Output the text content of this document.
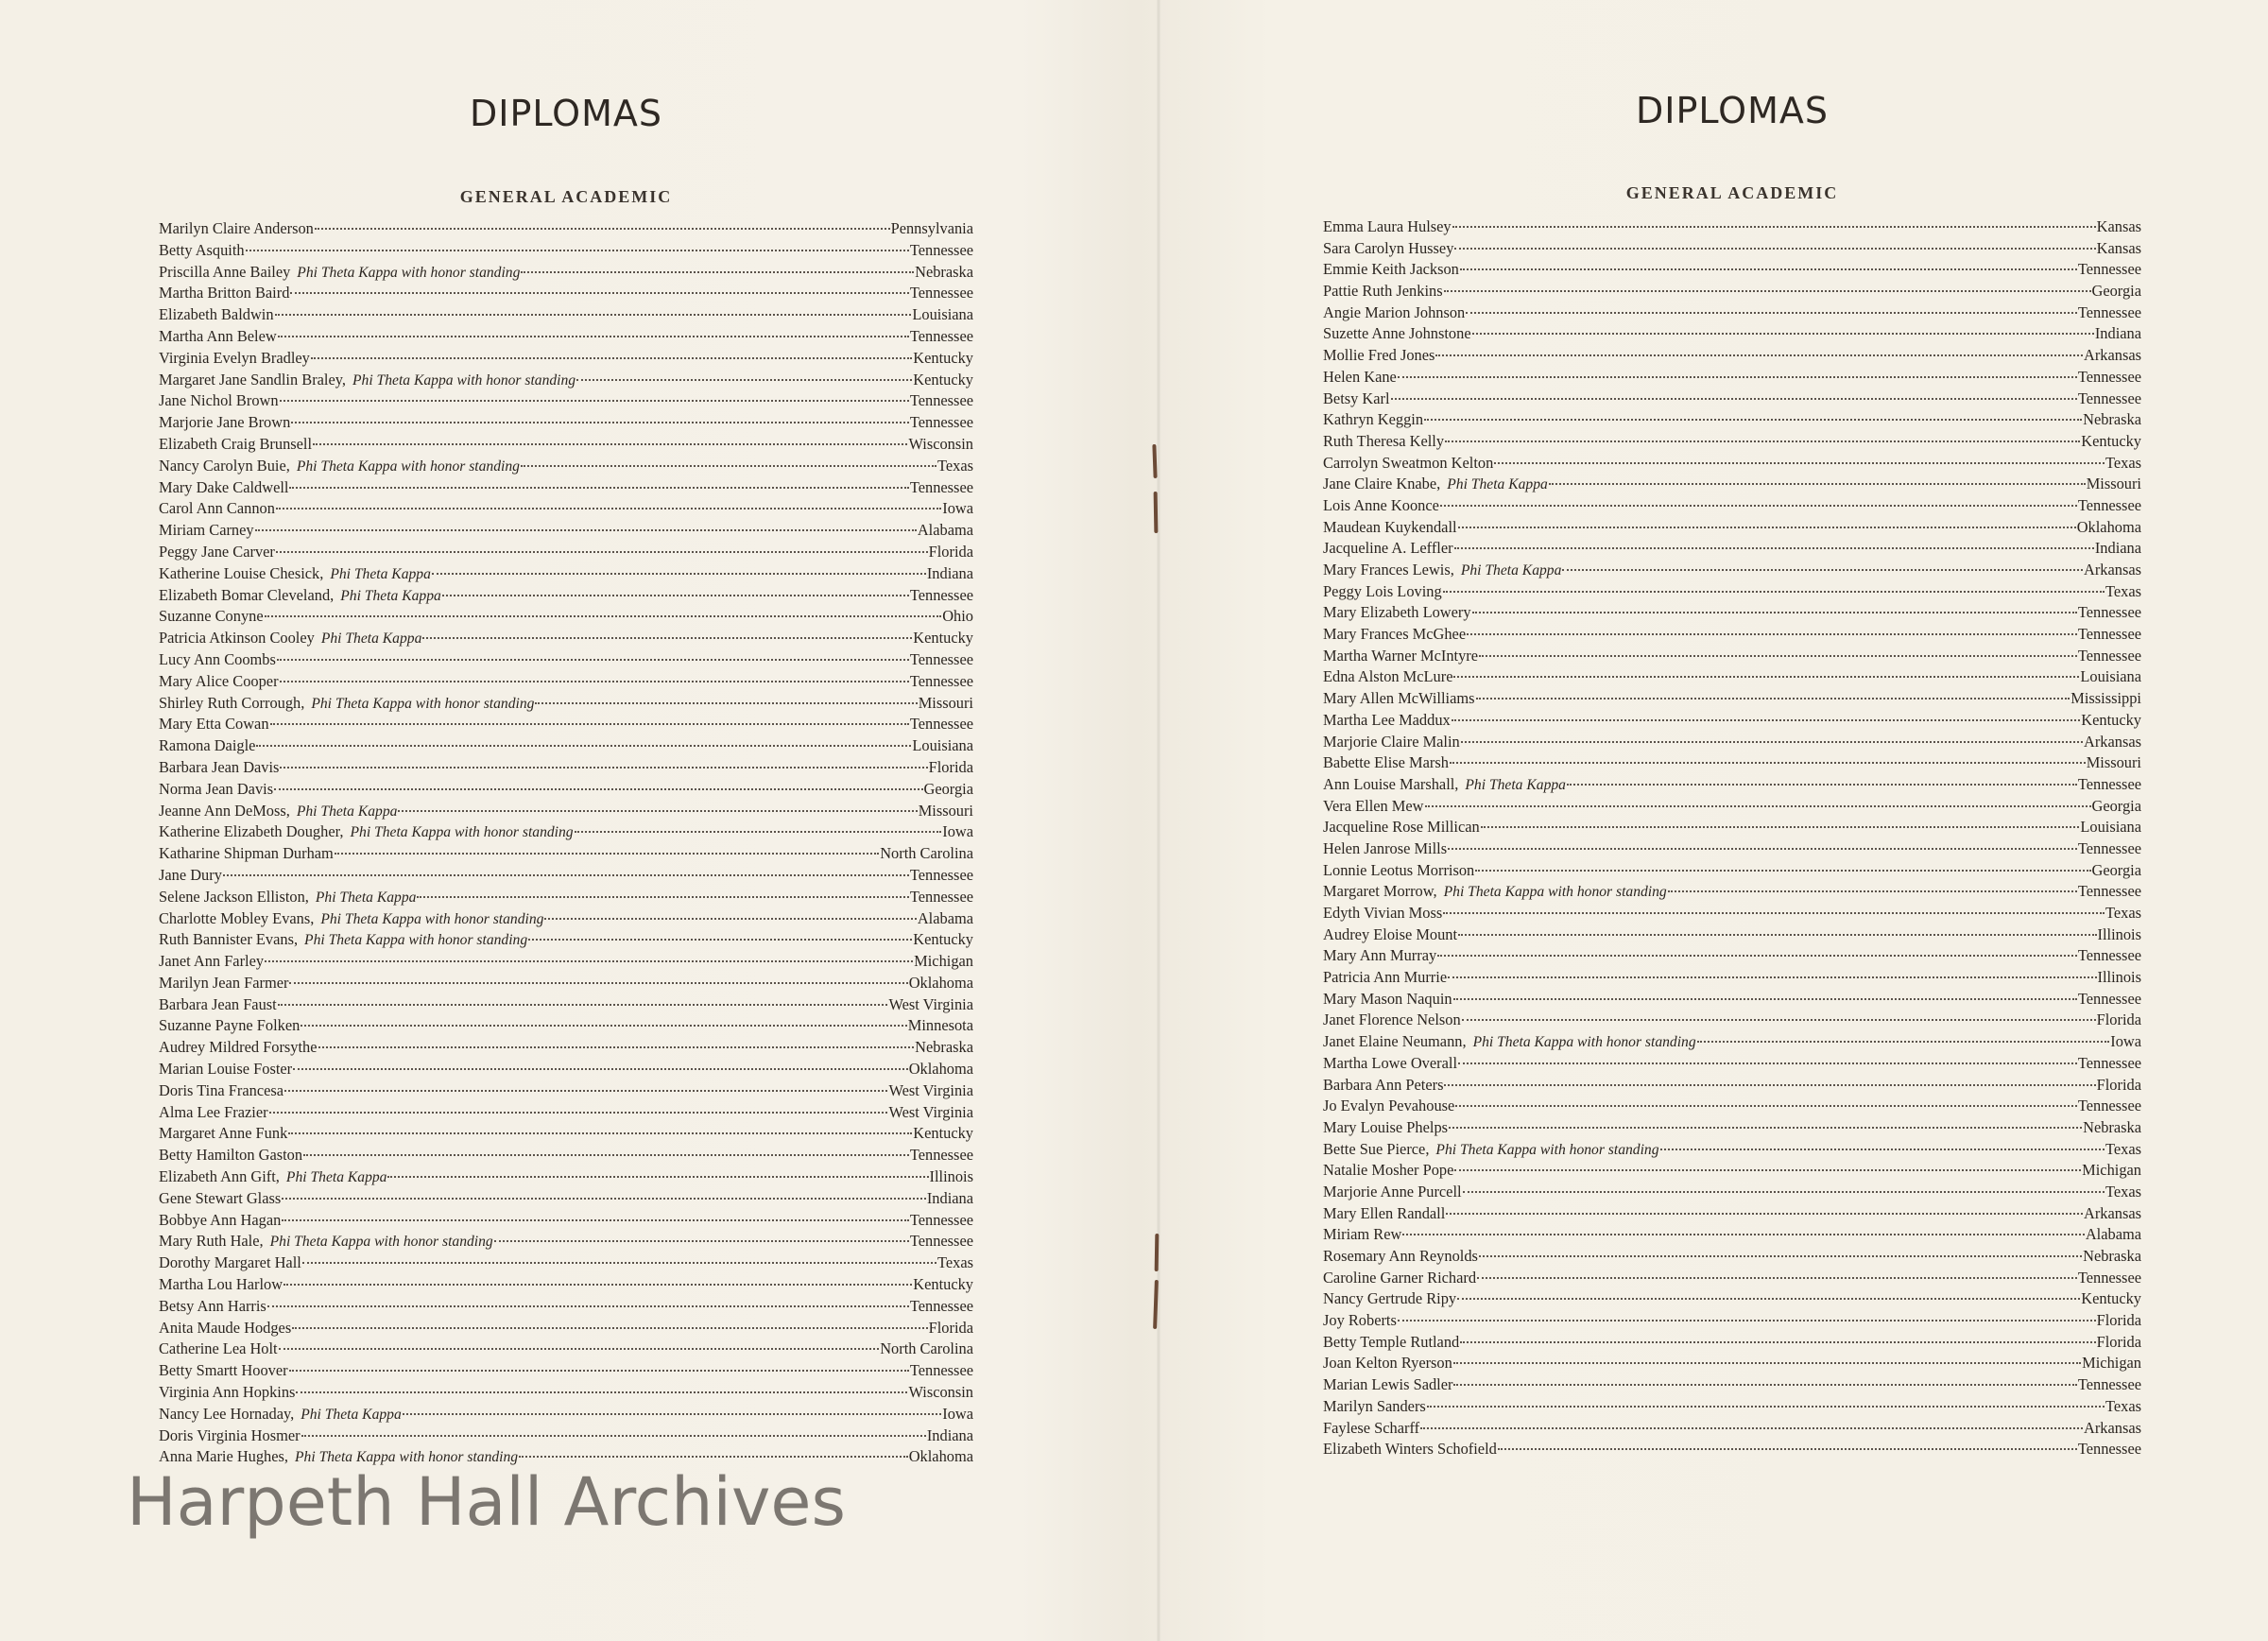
DIPLOMAS
GENERAL ACADEMIC
Marilyn Claire Anderson	Pennsylvania
Betty Asquith	Tennessee
Priscilla Anne Bailey Phi Theta Kappa with honor standing	Nebraska
Martha Britton Baird	Tennessee
Elizabeth Baldwin	Louisiana
Martha Ann Belew	Tennessee
Virginia Evelyn Bradley	Kentucky
Margaret Jane Sandlin Braley, Phi Theta Kappa with honor standing	Kentucky
Jane Nichol Brown	Tennessee
Marjorie Jane Brown	Tennessee
Elizabeth Craig Brunsell	Wisconsin
Nancy Carolyn Buie, Phi Theta Kappa with honor standing	Texas
Mary Dake Caldwell	Tennessee
Carol Ann Cannon	Iowa
Miriam Carney	Alabama
Peggy Jane Carver	Florida
Katherine Louise Chesick, Phi Theta Kappa	Indiana
Elizabeth Bomar Cleveland, Phi Theta Kappa	Tennessee
Suzanne Conyne	Ohio
Patricia Atkinson Cooley Phi Theta Kappa	Kentucky
Lucy Ann Coombs	Tennessee
Mary Alice Cooper	Tennessee
Shirley Ruth Corrough, Phi Theta Kappa with honor standing	Missouri
Mary Etta Cowan	Tennessee
Ramona Daigle	Louisiana
Barbara Jean Davis	Florida
Norma Jean Davis	Georgia
Jeanne Ann DeMoss, Phi Theta Kappa	Missouri
Katherine Elizabeth Dougher, Phi Theta Kappa with honor standing	Iowa
Katharine Shipman Durham	North Carolina
Jane Dury	Tennessee
Selene Jackson Elliston, Phi Theta Kappa	Tennessee
Charlotte Mobley Evans, Phi Theta Kappa with honor standing	Alabama
Ruth Bannister Evans, Phi Theta Kappa with honor standing	Kentucky
Janet Ann Farley	Michigan
Marilyn Jean Farmer	Oklahoma
Barbara Jean Faust	West Virginia
Suzanne Payne Folken	Minnesota
Audrey Mildred Forsythe	Nebraska
Marian Louise Foster	Oklahoma
Doris Tina Francesa	West Virginia
Alma Lee Frazier	West Virginia
Margaret Anne Funk	Kentucky
Betty Hamilton Gaston	Tennessee
Elizabeth Ann Gift, Phi Theta Kappa	Illinois
Gene Stewart Glass	Indiana
Bobbye Ann Hagan	Tennessee
Mary Ruth Hale, Phi Theta Kappa with honor standing	Tennessee
Dorothy Margaret Hall	Texas
Martha Lou Harlow	Kentucky
Betsy Ann Harris	Tennessee
Anita Maude Hodges	Florida
Catherine Lea Holt	North Carolina
Betty Smartt Hoover	Tennessee
Virginia Ann Hopkins	Wisconsin
Nancy Lee Hornaday, Phi Theta Kappa	Iowa
Doris Virginia Hosmer	Indiana
Anna Marie Hughes, Phi Theta Kappa with honor standing	Oklahoma
DIPLOMAS
GENERAL ACADEMIC
Emma Laura Hulsey	Kansas
Sara Carolyn Hussey	Kansas
Emmie Keith Jackson	Tennessee
Pattie Ruth Jenkins	Georgia
Angie Marion Johnson	Tennessee
Suzette Anne Johnstone	Indiana
Mollie Fred Jones	Arkansas
Helen Kane	Tennessee
Betsy Karl	Tennessee
Kathryn Keggin	Nebraska
Ruth Theresa Kelly	Kentucky
Carrolyn Sweatmon Kelton	Texas
Jane Claire Knabe, Phi Theta Kappa	Missouri
Lois Anne Koonce	Tennessee
Maudean Kuykendall	Oklahoma
Jacqueline A. Leffler	Indiana
Mary Frances Lewis, Phi Theta Kappa	Arkansas
Peggy Lois Loving	Texas
Mary Elizabeth Lowery	Tennessee
Mary Frances McGhee	Tennessee
Martha Warner McIntyre	Tennessee
Edna Alston McLure	Louisiana
Mary Allen McWilliams	Mississippi
Martha Lee Maddux	Kentucky
Marjorie Claire Malin	Arkansas
Babette Elise Marsh	Missouri
Ann Louise Marshall, Phi Theta Kappa	Tennessee
Vera Ellen Mew	Georgia
Jacqueline Rose Millican	Louisiana
Helen Janrose Mills	Tennessee
Lonnie Leotus Morrison	Georgia
Margaret Morrow, Phi Theta Kappa with honor standing	Tennessee
Edyth Vivian Moss	Texas
Audrey Eloise Mount	Illinois
Mary Ann Murray	Tennessee
Patricia Ann Murrie	Illinois
Mary Mason Naquin	Tennessee
Janet Florence Nelson	Florida
Janet Elaine Neumann, Phi Theta Kappa with honor standing	Iowa
Martha Lowe Overall	Tennessee
Barbara Ann Peters	Florida
Jo Evalyn Pevahouse	Tennessee
Mary Louise Phelps	Nebraska
Bette Sue Pierce, Phi Theta Kappa with honor standing	Texas
Natalie Mosher Pope	Michigan
Marjorie Anne Purcell	Texas
Mary Ellen Randall	Arkansas
Miriam Rew	Alabama
Rosemary Ann Reynolds	Nebraska
Caroline Garner Richard	Tennessee
Nancy Gertrude Ripy	Kentucky
Joy Roberts	Florida
Betty Temple Rutland	Florida
Joan Kelton Ryerson	Michigan
Marian Lewis Sadler	Tennessee
Marilyn Sanders	Texas
Faylese Scharff	Arkansas
Elizabeth Winters Schofield	Tennessee
Harpeth Hall Archives
